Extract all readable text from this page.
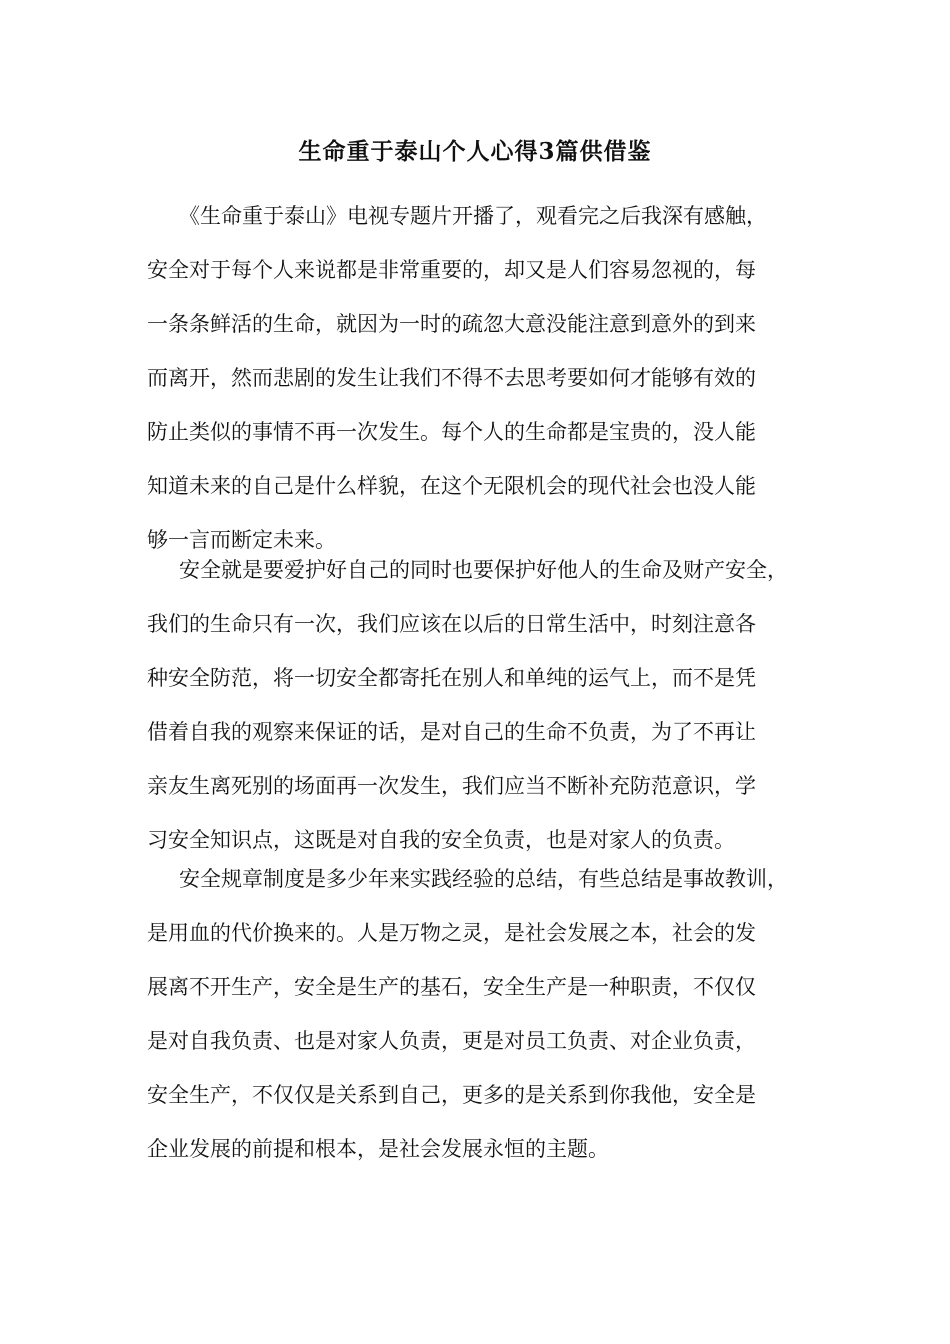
生命重于泰山个人心得3篇供借鉴

《生命重于泰山》电视专题片开播了，观看完之后我深有感触，
安全对于每个人来说都是非常重要的，却又是人们容易忽视的，每
一条条鲜活的生命，就因为一时的疏忽大意没能注意到意外的到来
而离开，然而悲剧的发生让我们不得不去思考要如何才能够有效的
防止类似的事情不再一次发生。每个人的生命都是宝贵的，没人能
知道未来的自己是什么样貌，在这个无限机会的现代社会也没人能
够一言而断定未来。

安全就是要爱护好自己的同时也要保护好他人的生命及财产安全，
我们的生命只有一次，我们应该在以后的日常生活中，时刻注意各
种安全防范，将一切安全都寄托在别人和单纯的运气上，而不是凭
借着自我的观察来保证的话，是对自己的生命不负责，为了不再让
亲友生离死别的场面再一次发生，我们应当不断补充防范意识，学
习安全知识点，这既是对自我的安全负责，也是对家人的负责。

安全规章制度是多少年来实践经验的总结，有些总结是事故教训，
是用血的代价换来的。人是万物之灵，是社会发展之本，社会的发
展离不开生产，安全是生产的基石，安全生产是一种职责，不仅仅
是对自我负责、也是对家人负责，更是对员工负责、对企业负责，
安全生产，不仅仅是关系到自己，更多的是关系到你我他，安全是
企业发展的前提和根本，是社会发展永恒的主题。
